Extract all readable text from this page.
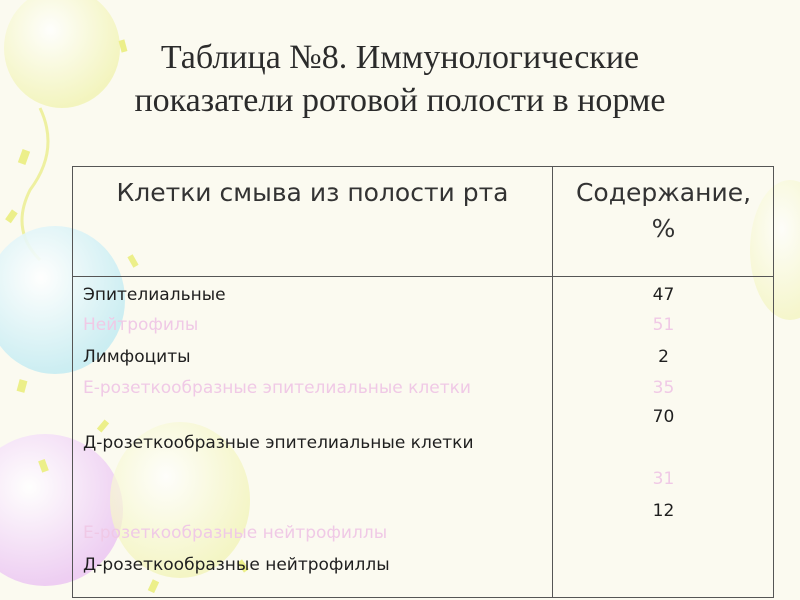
Таблица №8. Иммунологические
показатели ротовой полости в норме
Клетки смыва из полости рта	Содержание, %
Эпителиальные
Нейтрофилы
Лимфоциты
Е-розеткообразные эпителиальные клетки
Д-розеткообразные эпителиальные клетки
Е-розеткообразные нейтрофиллы
Д-розеткообразные нейтрофиллы
47
51
2
35
70
31
12
